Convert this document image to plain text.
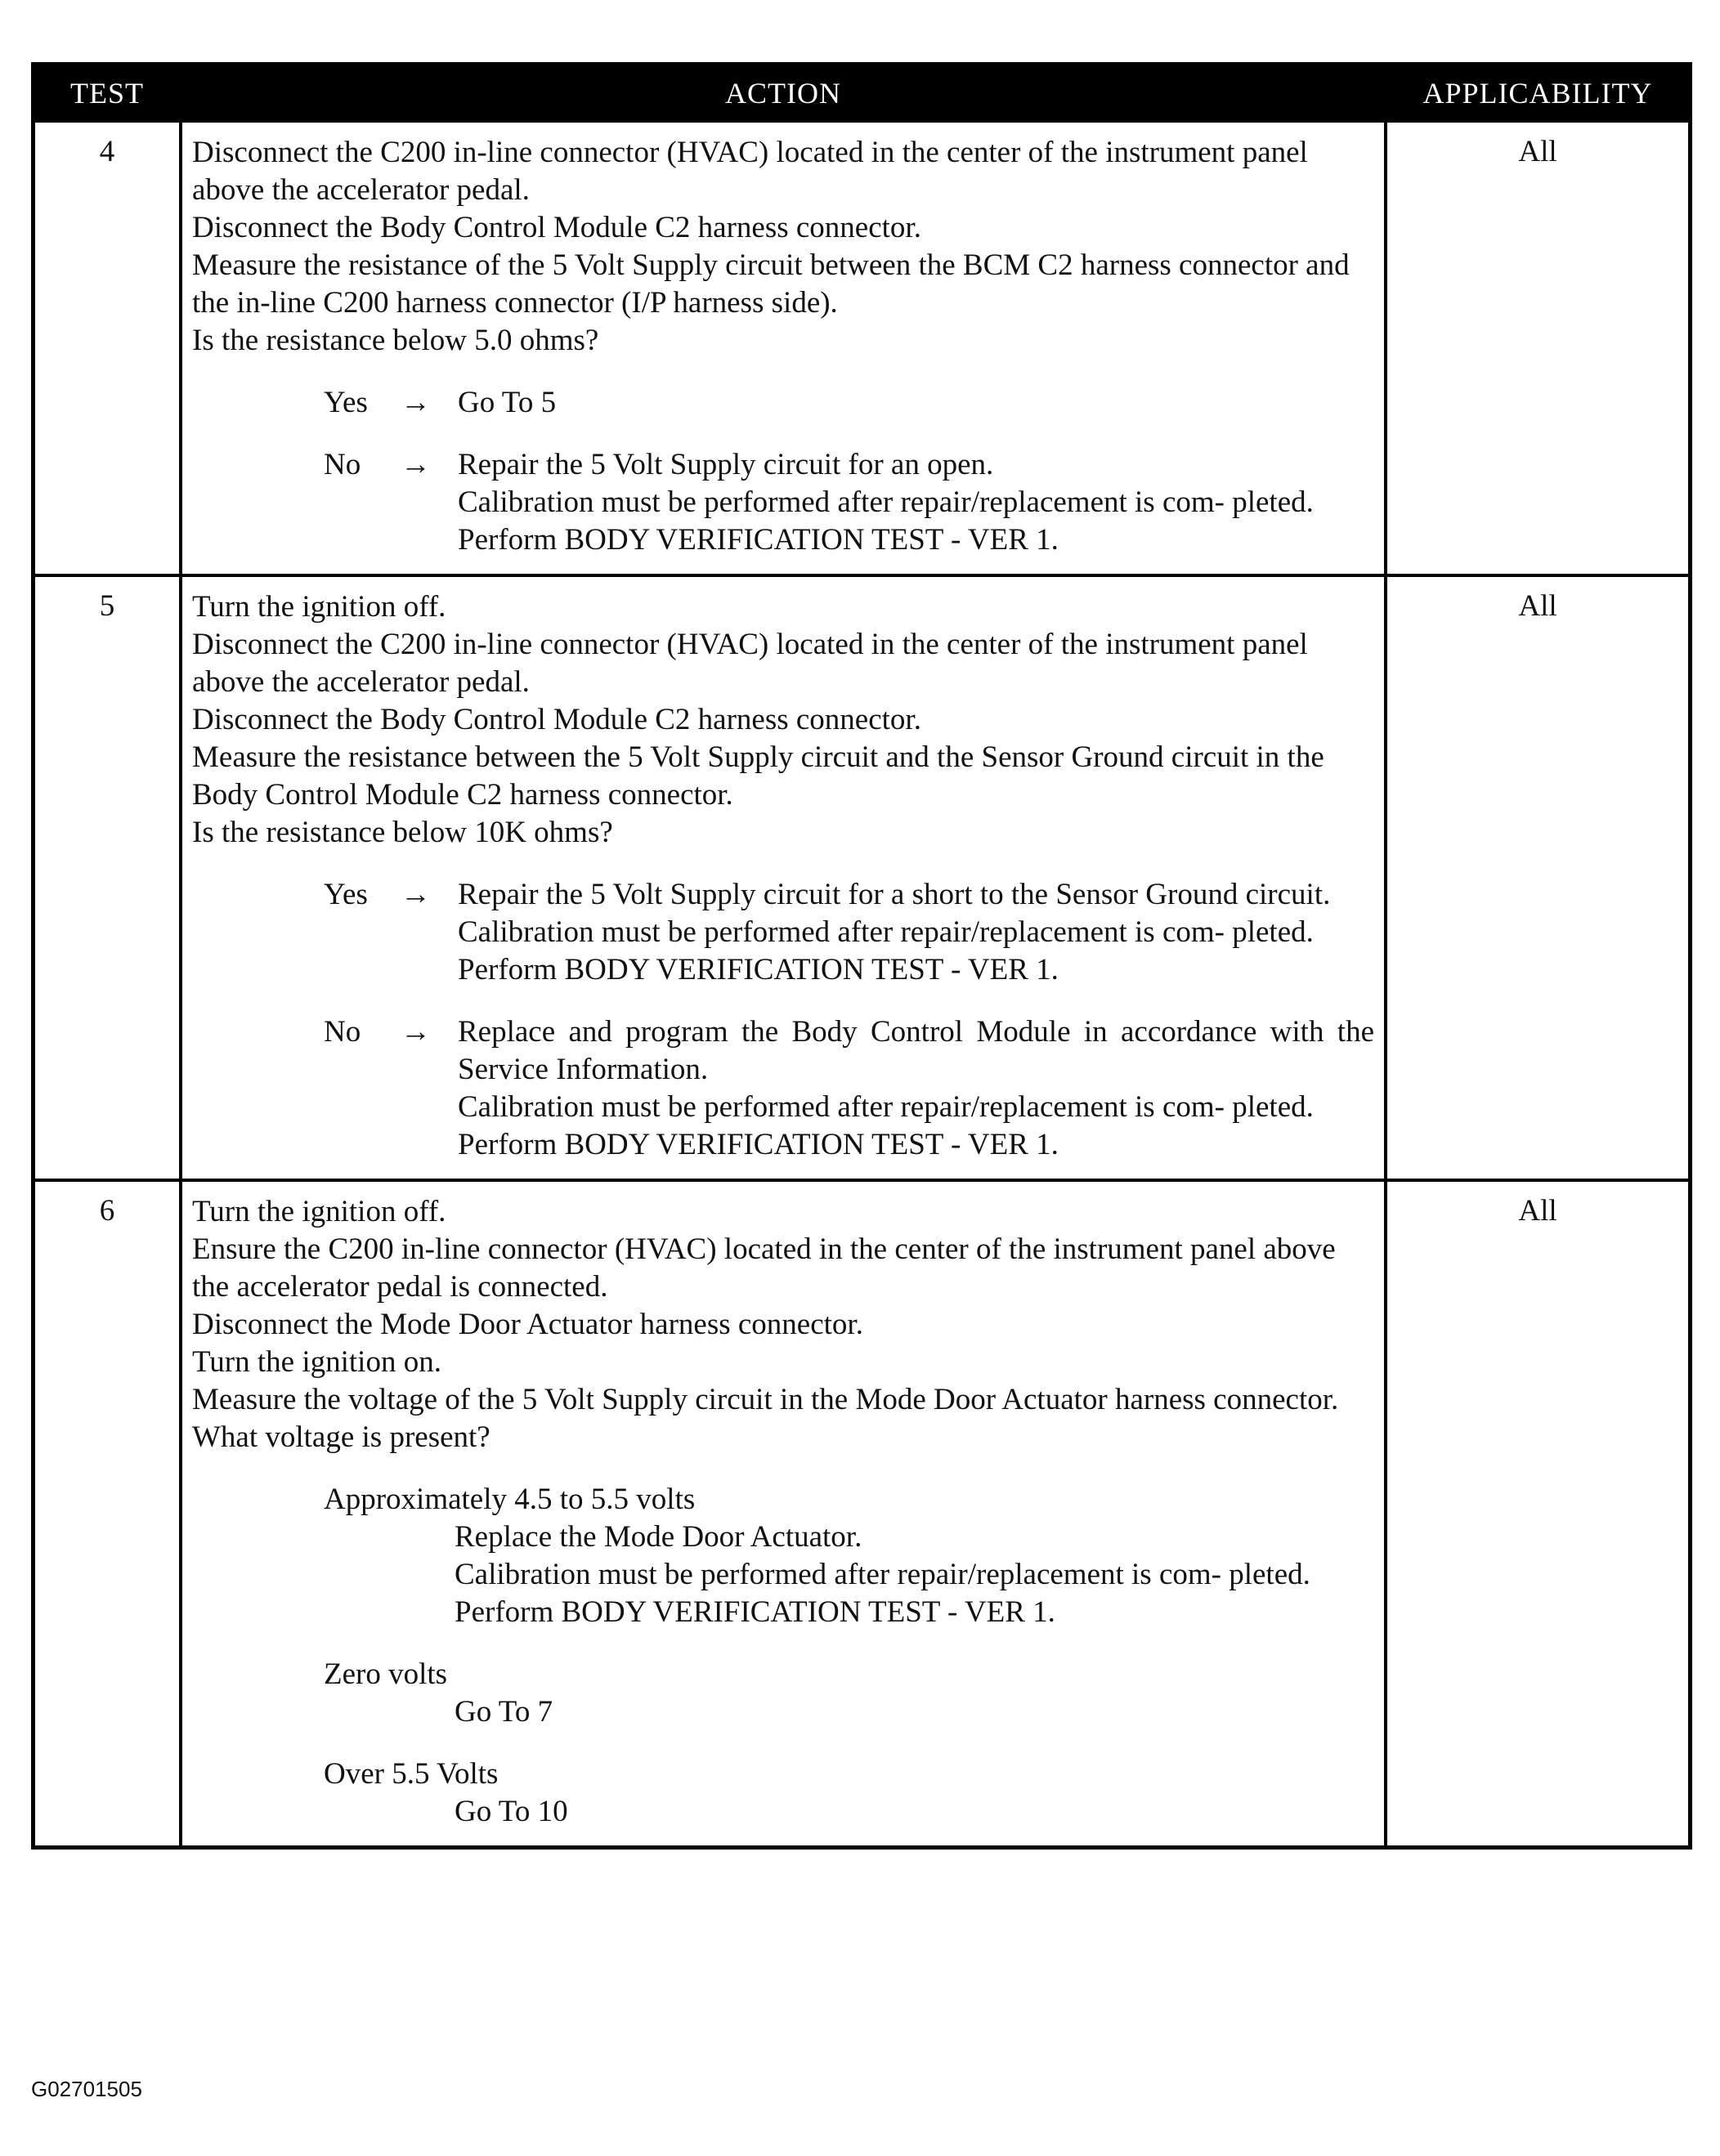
TEST	ACTION	APPLICABILITY
4	Disconnect the C200 in-line connector (HVAC) located in the center of the instrument panel above the accelerator pedal.

Disconnect the Body Control Module C2 harness connector.

Measure the resistance of the 5 Volt Supply circuit between the BCM C2 harness connector and the in-line C200 harness connector (I/P harness side).

Is the resistance below 5.0 ohms?

Yes	→ Go To 5
No	→ Repair the 5 Volt Supply circuit for an open.
Calibration must be performed after repair/replacement is com- pleted.
Perform BODY VERIFICATION TEST - VER 1.
All
5	Turn the ignition off.

Disconnect the C200 in-line connector (HVAC) located in the center of the instrument panel above the accelerator pedal.

Disconnect the Body Control Module C2 harness connector.

Measure the resistance between the 5 Volt Supply circuit and the Sensor Ground circuit in the Body Control Module C2 harness connector.

Is the resistance below 10K ohms?

Yes	→ Repair the 5 Volt Supply circuit for a short to the Sensor Ground circuit.
Calibration must be performed after repair/replacement is com- pleted.
Perform BODY VERIFICATION TEST - VER 1.
No	→ Replace and program the Body Control Module in accordance with the Service Information.
Calibration must be performed after repair/replacement is com- pleted.
Perform BODY VERIFICATION TEST - VER 1.
All
6	Turn the ignition off.

Ensure the C200 in-line connector (HVAC) located in the center of the instrument panel above the accelerator pedal is connected.

Disconnect the Mode Door Actuator harness connector.

Turn the ignition on.

Measure the voltage of the 5 Volt Supply circuit in the Mode Door Actuator harness connector.

What voltage is present?

Approximately 4.5 to 5.5 volts
Replace the Mode Door Actuator.
Calibration must be performed after repair/replacement is com- pleted.
Perform BODY VERIFICATION TEST - VER 1.
Zero volts
Go To 7
Over 5.5 Volts
Go To 10
All
G02701505
